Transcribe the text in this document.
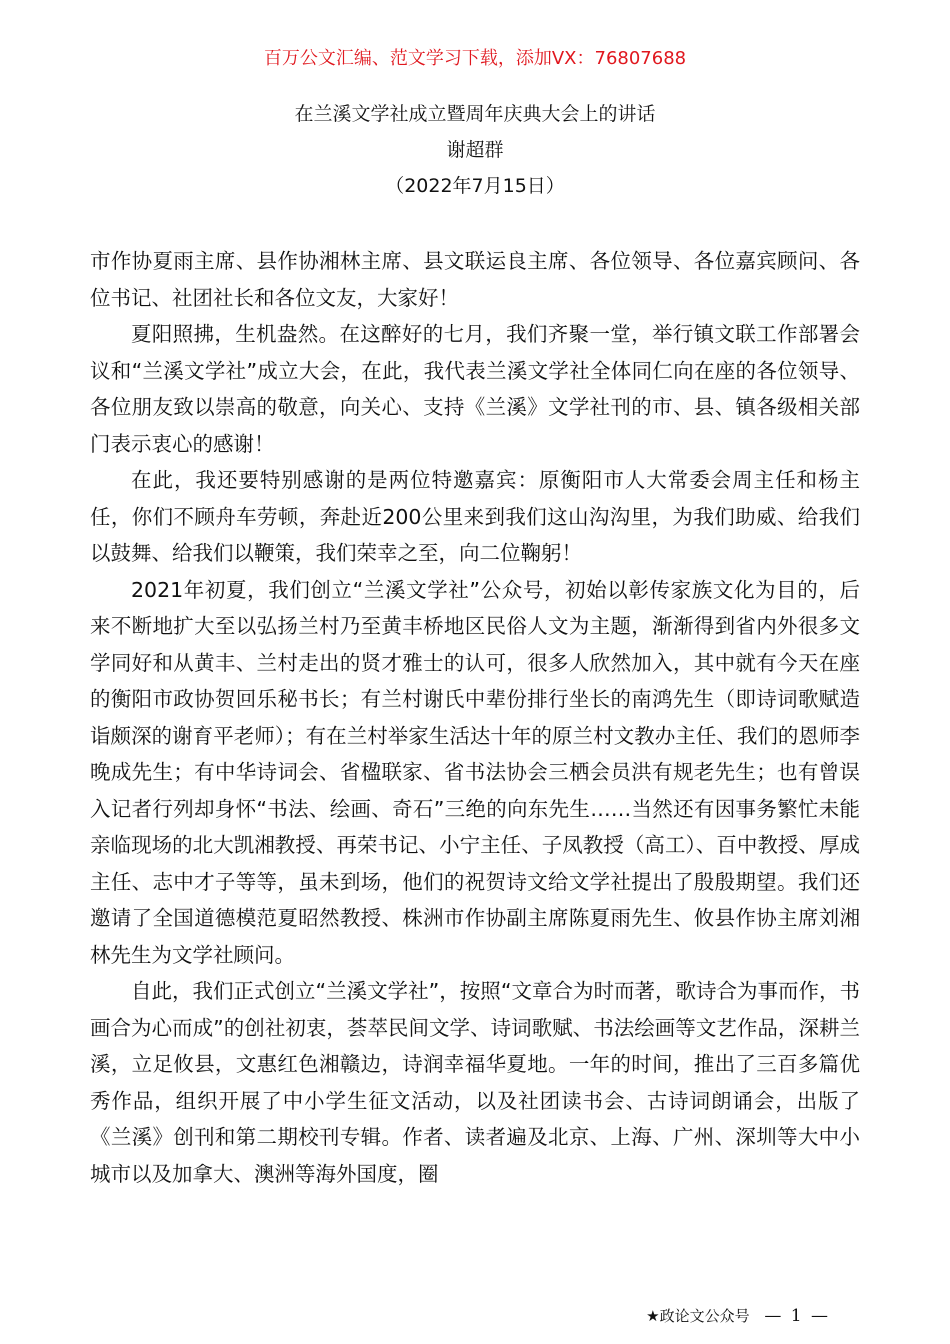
百万公文汇编、范文学习下载，添加VX：76807688
在兰溪文学社成立暨周年庆典大会上的讲话
谢超群
（2022年7月15日）

市作协夏雨主席、县作协湘林主席、县文联运良主席、各位领导、各位嘉宾顾问、各位书记、社团社长和各位文友，大家好！

夏阳照拂，生机盎然。在这醉好的七月，我们齐聚一堂，举行镇文联工作部署会议和“兰溪文学社”成立大会，在此，我代表兰溪文学社全体同仁向在座的各位领导、各位朋友致以崇高的敬意，向关心、支持《兰溪》文学社刊的市、县、镇各级相关部门表示衷心的感谢！

在此，我还要特别感谢的是两位特邀嘉宾：原衡阳市人大常委会周主任和杨主任，你们不顾舟车劳顿，奔赴近200公里来到我们这山沟沟里，为我们助威、给我们以鼓舞、给我们以鞭策，我们荣幸之至，向二位鞠躬！

2021年初夏，我们创立“兰溪文学社”公众号，初始以彰传家族文化为目的，后来不断地扩大至以弘扬兰村乃至黄丰桥地区民俗人文为主题，渐渐得到省内外很多文学同好和从黄丰、兰村走出的贤才雅士的认可，很多人欣然加入，其中就有今天在座的衡阳市政协贺回乐秘书长；有兰村谢氏中辈份排行坐长的南鸿先生（即诗词歌赋造诣颇深的谢育平老师）；有在兰村举家生活达十年的原兰村文教办主任、我们的恩师李晚成先生；有中华诗词会、省楹联家、省书法协会三栖会员洪有规老先生；也有曾误入记者行列却身怀“书法、绘画、奇石”三绝的向东先生……当然还有因事务繁忙未能亲临现场的北大凯湘教授、再荣书记、小宁主任、子凤教授（高工）、百中教授、厚成主任、志中才子等等，虽未到场，他们的祝贺诗文给文学社提出了殷殷期望。我们还邀请了全国道德模范夏昭然教授、株洲市作协副主席陈夏雨先生、攸县作协主席刘湘林先生为文学社顾问。

自此，我们正式创立“兰溪文学社”，按照“文章合为时而著，歌诗合为事而作，书画合为心而成”的创社初衷，荟萃民间文学、诗词歌赋、书法绘画等文艺作品，深耕兰溪，立足攸县，文惠红色湘赣边，诗润幸福华夏地。一年的时间，推出了三百多篇优秀作品，组织开展了中小学生征文活动，以及社团读书会、古诗词朗诵会，出版了《兰溪》创刊和第二期校刊专辑。作者、读者遍及北京、上海、广州、深圳等大中小城市以及加拿大、澳洲等海外国度，圈

★政论文公众号 — 1 —
